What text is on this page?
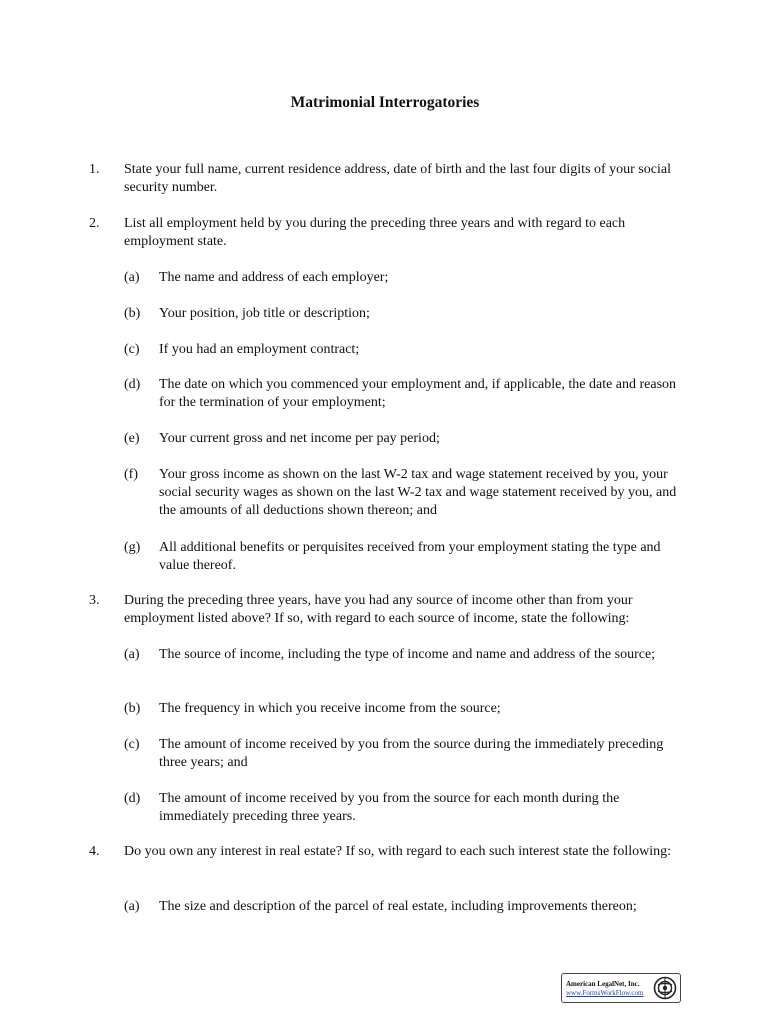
Matrimonial Interrogatories
1. State your full name, current residence address, date of birth and the last four digits of your social security number.
2. List all employment held by you during the preceding three years and with regard to each employment state.
(a) The name and address of each employer;
(b) Your position, job title or description;
(c) If you had an employment contract;
(d) The date on which you commenced your employment and, if applicable, the date and reason for the termination of your employment;
(e) Your current gross and net income per pay period;
(f) Your gross income as shown on the last W-2 tax and wage statement received by you, your social security wages as shown on the last W-2 tax and wage statement received by you, and the amounts of all deductions shown thereon; and
(g) All additional benefits or perquisites received from your employment stating the type and value thereof.
3. During the preceding three years, have you had any source of income other than from your employment listed above? If so, with regard to each source of income, state the following:
(a) The source of income, including the type of income and name and address of the source;
(b) The frequency in which you receive income from the source;
(c) The amount of income received by you from the source during the immediately preceding three years; and
(d) The amount of income received by you from the source for each month during the immediately preceding three years.
4. Do you own any interest in real estate? If so, with regard to each such interest state the following:
(a) The size and description of the parcel of real estate, including improvements thereon;
American LegalNet, Inc.
www.FormsWorkFlow.com
